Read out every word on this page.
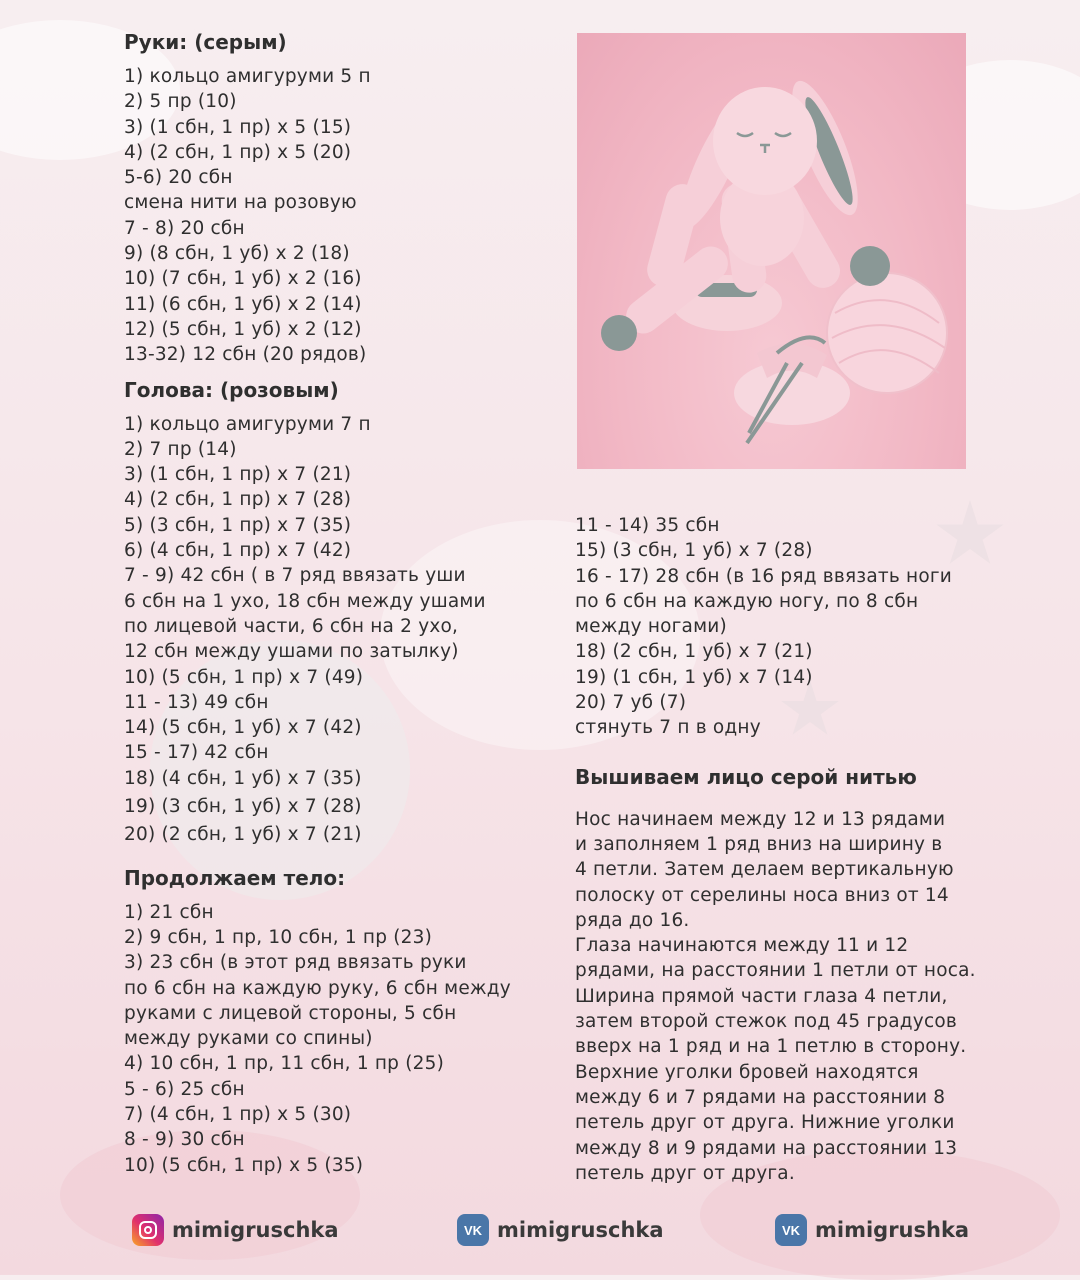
Руки: (серым)
1) кольцо амигуруми 5 п
2) 5 пр (10)
3) (1 сбн, 1 пр) х 5 (15)
4) (2 сбн, 1 пр) х 5 (20)
5-6) 20 сбн
смена нити на розовую
7 - 8) 20 сбн
9) (8 сбн, 1 уб) х 2 (18)
10) (7 сбн, 1 уб) х 2 (16)
11) (6 сбн, 1 уб) х 2 (14)
12) (5 сбн, 1 уб) х 2 (12)
13-32) 12 сбн (20 рядов)
Голова: (розовым)
1) кольцо амигуруми 7 п
2) 7 пр (14)
3) (1 сбн, 1 пр) х 7 (21)
4) (2 сбн, 1 пр) х 7 (28)
5) (3 сбн, 1 пр) х 7 (35)
6) (4 сбн, 1 пр) х 7 (42)
7 - 9) 42 сбн ( в 7 ряд ввязать уши
6 сбн на 1 ухо, 18 сбн между ушами
по лицевой части, 6 сбн на 2 ухо,
12 сбн между ушами по затылку)
10) (5 сбн, 1 пр) х 7 (49)
11 - 13) 49 сбн
14) (5 сбн, 1 уб) х 7 (42)
15 - 17) 42 сбн
18) (4 сбн, 1 уб) х 7 (35)
19) (3 сбн, 1 уб) х 7 (28)
20) (2 сбн, 1 уб) х 7 (21)
Продолжаем тело:
1) 21 сбн
2) 9 сбн, 1 пр, 10 сбн, 1 пр (23)
3) 23 сбн (в этот ряд ввязать руки
по 6 сбн на каждую руку, 6 сбн между
руками с лицевой стороны, 5 сбн
между руками со спины)
4) 10 сбн, 1 пр, 11 сбн, 1 пр (25)
5 - 6) 25 сбн
7) (4 сбн, 1 пр) х 5 (30)
8 - 9) 30 сбн
10) (5 сбн, 1 пр) х 5 (35)
11 - 14) 35 сбн
15) (3 сбн, 1 уб) х 7 (28)
16 - 17) 28 сбн (в 16 ряд ввязать ноги
по 6 сбн на каждую ногу, по 8 сбн
между ногами)
18) (2 сбн, 1 уб) х 7 (21)
19) (1 сбн, 1 уб) х 7 (14)
20) 7 уб (7)
стянуть 7 п в одну
Вышиваем лицо серой нитью
Нос начинаем между 12 и 13 рядами
и заполняем 1 ряд вниз на ширину в
4 петли. Затем делаем вертикальную
полоску от серелины носа вниз от 14
ряда до 16.
Глаза начинаются между 11 и 12
рядами, на расстоянии 1 петли от носа.
Ширина прямой части глаза 4 петли,
затем второй стежок под 45 градусов
вверх на 1 ряд и на 1 петлю в сторону.
Верхние уголки бровей находятся
между 6 и 7 рядами на расстоянии 8
петель друг от друга. Нижние уголки
между 8 и 9 рядами на расстоянии 13
петель друг от друга.
mimigruschka	VK mimigruschka	VK mimigrushka
